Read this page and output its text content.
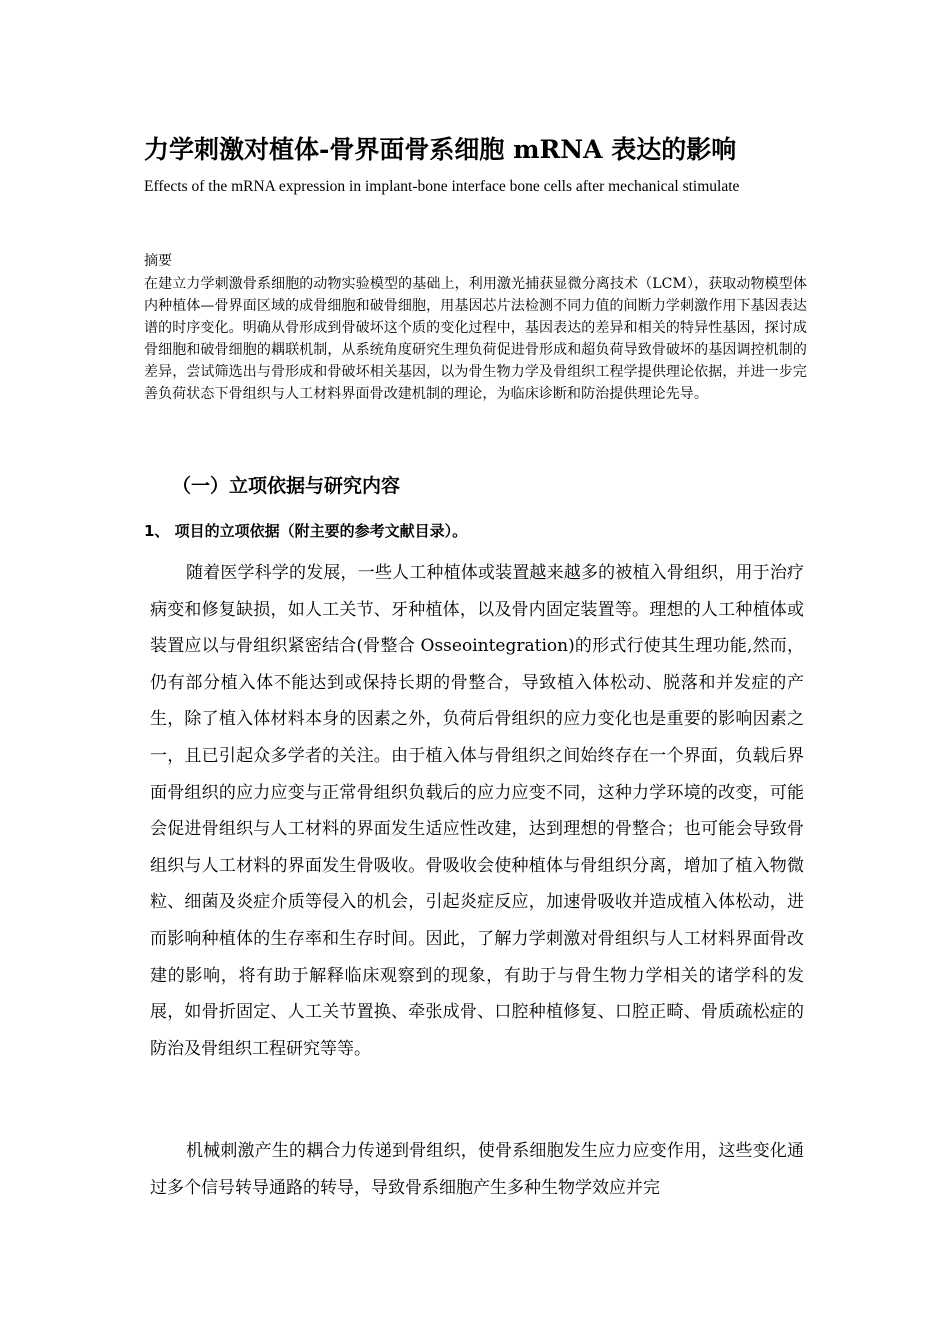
力学刺激对植体-骨界面骨系细胞 mRNA 表达的影响
Effects of the mRNA expression in implant-bone interface bone cells after mechanical stimulate
摘要
在建立力学刺激骨系细胞的动物实验模型的基础上，利用激光捕获显微分离技术（LCM），获取动物模型体内种植体—骨界面区域的成骨细胞和破骨细胞，用基因芯片法检测不同力值的间断力学刺激作用下基因表达谱的时序变化。明确从骨形成到骨破坏这个质的变化过程中，基因表达的差异和相关的特异性基因，探讨成骨细胞和破骨细胞的耦联机制，从系统角度研究生理负荷促进骨形成和超负荷导致骨破坏的基因调控机制的差异，尝试筛选出与骨形成和骨破坏相关基因，以为骨生物力学及骨组织工程学提供理论依据，并进一步完善负荷状态下骨组织与人工材料界面骨改建机制的理论，为临床诊断和防治提供理论先导。
（一）立项依据与研究内容
1、 项目的立项依据（附主要的参考文献目录）。

随着医学科学的发展，一些人工种植体或装置越来越多的被植入骨组织，用于治疗病变和修复缺损，如人工关节、牙种植体，以及骨内固定装置等。理想的人工种植体或装置应以与骨组织紧密结合(骨整合 Osseointegration)的形式行使其生理功能,然而，仍有部分植入体不能达到或保持长期的骨整合，导致植入体松动、脱落和并发症的产生，除了植入体材料本身的因素之外，负荷后骨组织的应力变化也是重要的影响因素之一，且已引起众多学者的关注。由于植入体与骨组织之间始终存在一个界面，负载后界面骨组织的应力应变与正常骨组织负载后的应力应变不同，这种力学环境的改变，可能会促进骨组织与人工材料的界面发生适应性改建，达到理想的骨整合；也可能会导致骨组织与人工材料的界面发生骨吸收。骨吸收会使种植体与骨组织分离，增加了植入物微粒、细菌及炎症介质等侵入的机会，引起炎症反应，加速骨吸收并造成植入体松动，进而影响种植体的生存率和生存时间。因此，了解力学刺激对骨组织与人工材料界面骨改建的影响，将有助于解释临床观察到的现象，有助于与骨生物力学相关的诸学科的发展，如骨折固定、人工关节置换、牵张成骨、口腔种植修复、口腔正畸、骨质疏松症的防治及骨组织工程研究等等。

机械刺激产生的耦合力传递到骨组织，使骨系细胞发生应力应变作用，这些变化通过多个信号转导通路的转导，导致骨系细胞产生多种生物学效应并完
